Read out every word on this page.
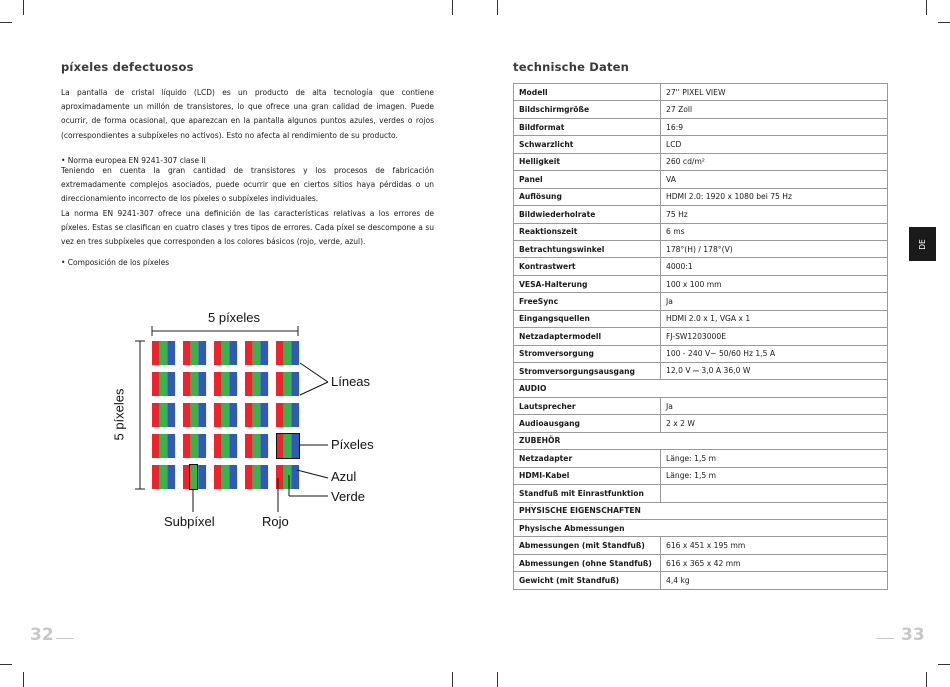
píxeles defectuosos

La pantalla de cristal líquido (LCD) es un producto de alta tecnología que contiene aproximadamente un millón de transistores, lo que ofrece una gran calidad de imagen. Puede ocurrir, de forma ocasional, que aparezcan en la pantalla algunos puntos azules, verdes o rojos (correspondientes a subpíxeles no activos). Esto no afecta al rendimiento de su producto.

• Norma europea EN 9241-307 clase II

Teniendo en cuenta la gran cantidad de transistores y los procesos de fabricación extremadamente complejos asociados, puede ocurrir que en ciertos sitios haya pérdidas o un direccionamiento incorrecto de los píxeles o subpíxeles individuales.

La norma EN 9241-307 ofrece una definición de las características relativas a los errores de píxeles. Estas se clasifican en cuatro clases y tres tipos de errores. Cada píxel se descompone a su vez en tres subpíxeles que corresponden a los colores básicos (rojo, verde, azul).

• Composición de los píxeles
5 píxeles
5 píxeles
Líneas
Píxeles
Azul
Verde
Subpíxel	Rojo
32
technische Daten
Modell	27'' PIXEL VIEW
Bildschirmgröße	27 Zoll
Bildformat	16:9
Schwarzlicht	LCD
Helligkeit	260 cd/m²
Panel	VA
Auflösung	HDMI 2.0: 1920 x 1080 bei 75 Hz
Bildwiederholrate	75 Hz
Reaktionszeit	6 ms
Betrachtungswinkel	178°(H) / 178°(V)
Kontrastwert	4000:1
VESA-Halterung	100 x 100 mm
FreeSync	Ja
Eingangsquellen	HDMI 2.0 x 1, VGA x 1
Netzadaptermodell	FJ-SW1203000E
Stromversorgung	100 - 240 V~ 50/60 Hz 1,5 A
Stromversorgungsausgang	12,0 V ⎓ 3,0 A 36,0 W
AUDIO	
Lautsprecher	Ja
Audioausgang	2 x 2 W
ZUBEHÖR	
Netzadapter	Länge: 1,5 m
HDMI-Kabel	Länge: 1,5 m
Standfuß mit Einrastfunktion	
PHYSISCHE EIGENSCHAFTEN	
Physische Abmessungen	
Abmessungen (mit Standfuß)	616 x 451 x 195 mm
Abmessungen (ohne Standfuß)	616 x 365 x 42 mm
Gewicht (mit Standfuß)	4,4 kg
DE
33
